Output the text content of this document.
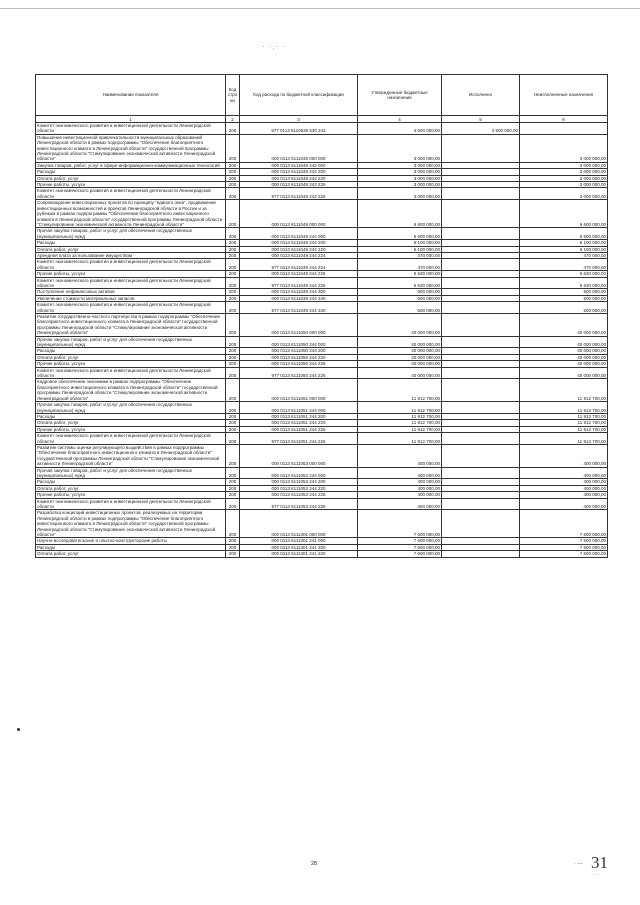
· ·.· ·
Наименование показателя	Код стро ки	Код расхода по бюджетной классификации	Утвержденные бюджетные назначения	Исполнено	Неисполненные назначения
1	2	3	4	5	6
Комитет экономического развития и инвестиционной деятельности Ленинградской области	200	977 0113 6110636 630 242	4 500 000,00	4 500 000,00	
Повышение инвестиционной привлекательности муниципальных образований Ленинградской области в рамках подпрограммы "Обеспечение благоприятного инвестиционного климата в Ленинградской области" государственной программы Ленинградской области "Стимулирование экономической активности Ленинградской области"	200	000 0113 6111048 000 000	3 000 000,00		3 000 000,00
Закупка товаров, работ, услуг в сфере информационно-коммуникационных технологий	200	000 0113 6111048 242 000	3 000 000,00		3 000 000,00
Расходы	200	000 0113 6111048 242 200	3 000 000,00		3 000 000,00
Оплата работ, услуг	200	000 0113 6111048 242 220	3 000 000,00		3 000 000,00
Прочие работы, услуги	200	000 0113 6111048 242 226	3 000 000,00		3 000 000,00
Комитет экономического развития и инвестиционной деятельности Ленинградской области	200	977 0113 6111048 242 226	3 000 000,00		3 000 000,00
Сопровождение инвестиционных проектов по принципу "единого окна", продвижение инвестиционных возможностей и проектов Ленинградской области в России и за рубежом в рамках подпрограммы "Обеспечение благоприятного инвестиционного климата в Ленинградской области" государственной программы Ленинградской области "Стимулирование экономической активности Ленинградской области"	200	000 0113 6111049 000 000	6 600 000,00		6 600 000,00
Прочая закупка товаров, работ и услуг для обеспечения государственных (муниципальных) нужд	200	000 0113 6111049 244 000	6 600 000,00		6 600 000,00
Расходы	200	000 0113 6111049 244 200	6 100 000,00		6 100 000,00
Оплата работ, услуг	200	000 0113 6111049 244 220	6 100 000,00		6 100 000,00
Арендная плата за пользование имуществом	200	000 0113 6111049 244 224	470 000,00		470 000,00
Комитет экономического развития и инвестиционной деятельности Ленинградской области	200	977 0113 6111049 244 224	470 000,00		470 000,00
Прочие работы, услуги	200	000 0113 6111049 244 226	5 630 000,00		5 630 000,00
Комитет экономического развития и инвестиционной деятельности Ленинградской области	200	977 0113 6111049 244 226	5 630 000,00		5 630 000,00
Поступление нефинансовых активов	200	000 0113 6111049 244 300	500 000,00		500 000,00
Увеличение стоимости материальных запасов	200	000 0113 6111049 244 340	500 000,00		500 000,00
Комитет экономического развития и инвестиционной деятельности Ленинградской области	200	977 0113 6111049 244 340	500 000,00		500 000,00
Развитие государственно-частного партнерства в рамках подпрограммы "Обеспечение благоприятного инвестиционного климата в Ленинградской области" государственной программы Ленинградской области "Стимулирование экономической активности Ленинградской области"	200	000 0113 6111050 000 000	40 000 000,00		40 000 000,00
Прочая закупка товаров, работ и услуг для обеспечения государственных (муниципальных) нужд	200	000 0113 6111050 244 000	40 000 000,00		40 000 000,00
Расходы	200	000 0113 6111050 244 200	40 000 000,00		40 000 000,00
Оплата работ, услуг	200	000 0113 6111050 244 220	40 000 000,00		40 000 000,00
Прочие работы, услуги	200	000 0113 6111050 244 226	40 000 000,00		40 000 000,00
Комитет экономического развития и инвестиционной деятельности Ленинградской области	200	977 0113 6111050 244 226	40 000 000,00		40 000 000,00
Кадровое обеспечение экономики в рамках подпрограммы "Обеспечение благоприятного инвестиционного климата в Ленинградской области" государственной программы Ленинградской области "Стимулирование экономической активности Ленинградской области"	200	000 0113 6111051 000 000	11 912 700,00		11 912 700,00
Прочая закупка товаров, работ и услуг для обеспечения государственных (муниципальных) нужд	200	000 0113 6111051 244 000	11 912 700,00		11 912 700,00
Расходы	200	000 0113 6111051 244 200	11 912 700,00		11 912 700,00
Оплата работ, услуг	200	000 0113 6111051 244 220	11 912 700,00		11 912 700,00
Прочие работы, услуги	200	000 0113 6111051 244 226	11 912 700,00		11 912 700,00
Комитет экономического развития и инвестиционной деятельности Ленинградской области	200	977 0113 6111051 244 226	11 912 700,00		11 912 700,00
Развитие системы оценки регулирующего воздействия в рамках подпрограммы "Обеспечение благоприятного инвестиционного климата в Ленинградской области" государственной программы Ленинградской области "Стимулирование экономической активности Ленинградской области"	200	000 0113 6111053 000 000	400 000,00		400 000,00
Прочая закупка товаров, работ и услуг для обеспечения государственных (муниципальных) нужд	200	000 0113 6111053 244 000	400 000,00		400 000,00
Расходы	200	000 0113 6111053 244 200	400 000,00		400 000,00
Оплата работ, услуг	200	000 0113 6111053 244 220	400 000,00		400 000,00
Прочие работы, услуги	200	000 0113 6111053 244 226	400 000,00		400 000,00
Комитет экономического развития и инвестиционной деятельности Ленинградской области	200	977 0113 6111053 244 226	400 000,00		400 000,00
Разработка концепций инвестиционных проектов, реализуемых на территории Ленинградской области в рамках подпрограммы "Обеспечение благоприятного инвестиционного климата в Ленинградской области" государственной программы Ленинградской области "Стимулирование экономической активности Ленинградской области"	200	000 0113 6111301 000 000	7 600 000,00		7 600 000,00
Научно-исследовательские и опытно-конструкторские работы	200	000 0113 6111301 241 000	7 600 000,00		7 600 000,00
Расходы	200	000 0113 6111301 241 200	7 600 000,00		7 600 000,00
Оплата работ, услуг	200	000 0113 6111301 241 220	7 600 000,00		7 600 000,00
28	- ‒‒ 31
· · ·
